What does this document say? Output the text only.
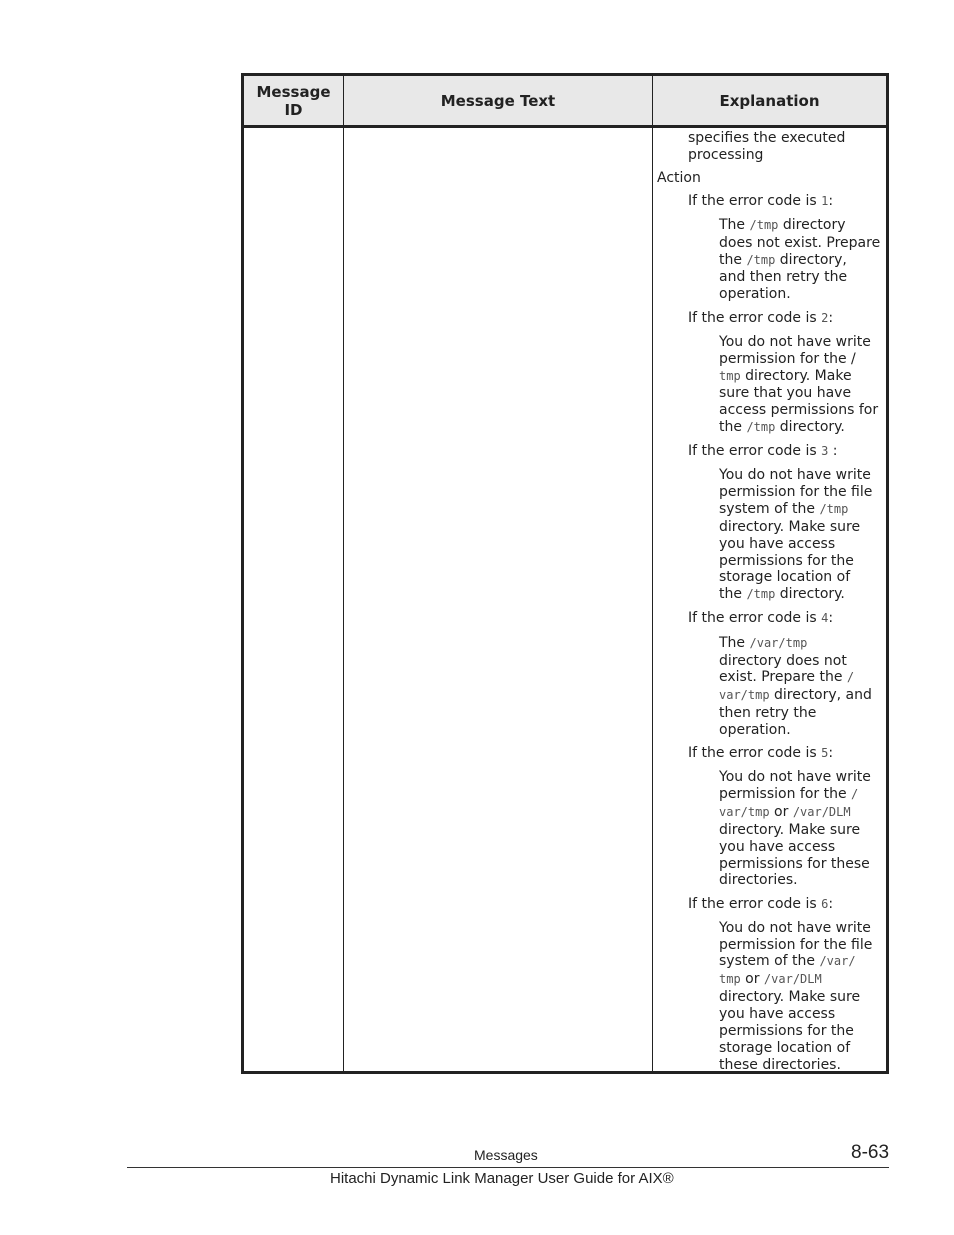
Message
ID	Message Text	Explanation

specifies the executed

processing

Action

If the error code is 1:

The /tmp directory

does not exist. Prepare

the /tmp directory,

and then retry the

operation.

If the error code is 2:

You do not have write

permission for the /

tmp directory. Make

sure that you have

access permissions for

the /tmp directory.

If the error code is 3 :

You do not have write

permission for the file

system of the /tmp

directory. Make sure

you have access

permissions for the

storage location of

the /tmp directory.

If the error code is 4:

The /var/tmp

directory does not

exist. Prepare the /

var/tmp directory, and

then retry the

operation.

If the error code is 5:

You do not have write

permission for the /

var/tmp or /var/DLM

directory. Make sure

you have access

permissions for these

directories.

If the error code is 6:

You do not have write

permission for the file

system of the /var/

tmp or /var/DLM

directory. Make sure

you have access

permissions for the

storage location of

these directories.

Messages	8-63
Hitachi Dynamic Link Manager User Guide for AIX®
